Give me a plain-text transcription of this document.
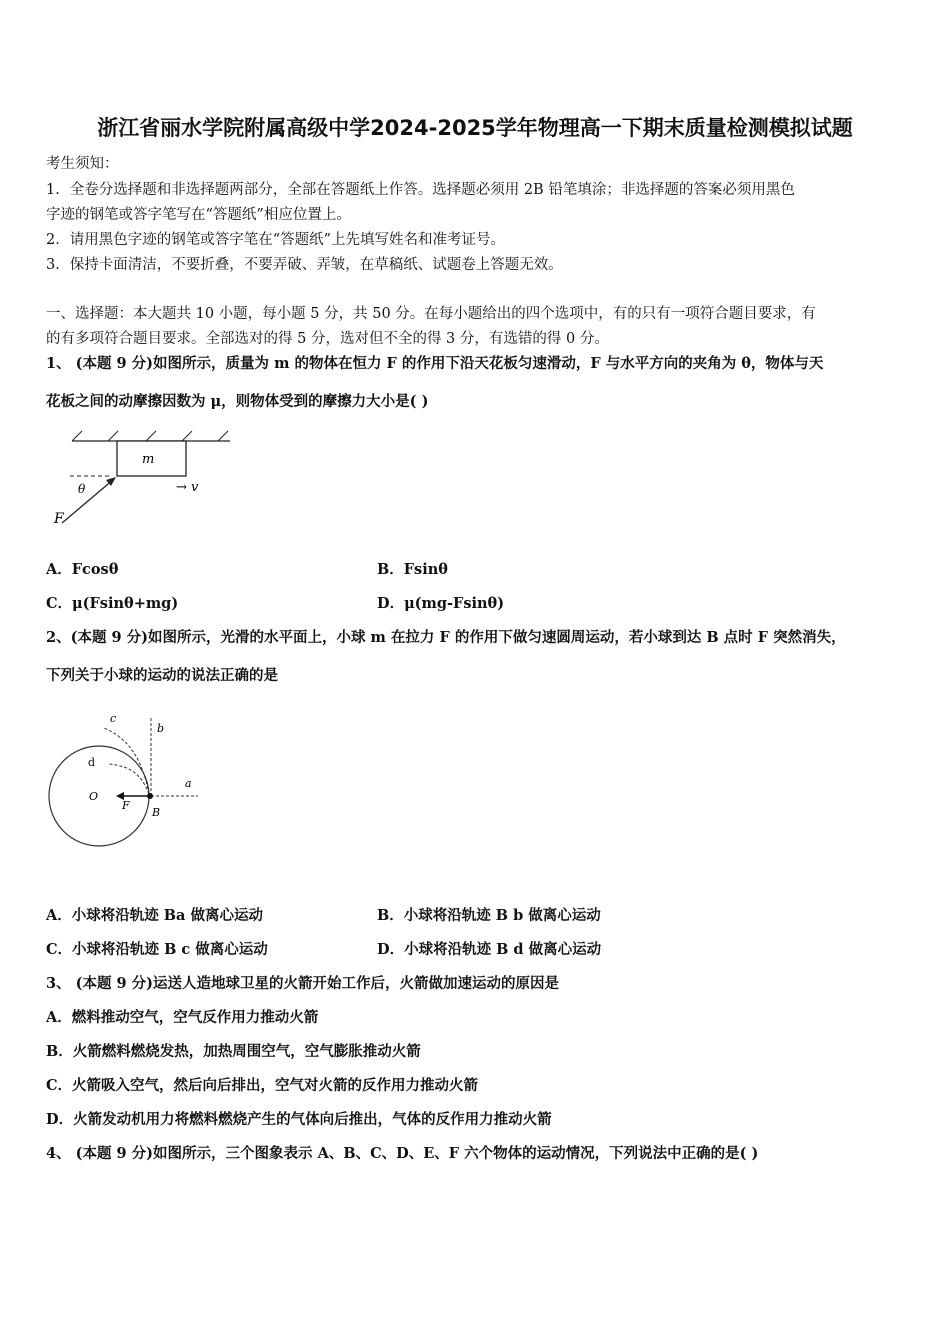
浙江省丽水学院附属高级中学2024-2025学年物理高一下期末质量检测模拟试题
考生须知：
1．全卷分选择题和非选择题两部分，全部在答题纸上作答。选择题必须用 2B 铅笔填涂；非选择题的答案必须用黑色
字迹的钢笔或答字笔写在“答题纸”相应位置上。
2．请用黑色字迹的钢笔或答字笔在“答题纸”上先填写姓名和准考证号。
3．保持卡面清洁，不要折叠，不要弄破、弄皱，在草稿纸、试题卷上答题无效。
一、选择题：本大题共 10 小题，每小题 5 分，共 50 分。在每小题给出的四个选项中，有的只有一项符合题目要求，有
的有多项符合题目要求。全部选对的得 5 分，选对但不全的得 3 分，有选错的得 0 分。
1、 (本题 9 分)如图所示，质量为 m 的物体在恒力 F 的作用下沿天花板匀速滑动，F 与水平方向的夹角为 θ，物体与天
花板之间的动摩擦因数为 μ，则物体受到的摩擦力大小是( )
m
θ
F
→ v
A．Fcosθ	B．Fsinθ
C．μ(Fsinθ+mg)	D．μ(mg-Fsinθ)
2、(本题 9 分)如图所示，光滑的水平面上，小球 m 在拉力 F 的作用下做匀速圆周运动，若小球到达 B 点时 F 突然消失，
下列关于小球的运动的说法正确的是
c
b
d
a
O
F
B
A．小球将沿轨迹 Ba 做离心运动	B．小球将沿轨迹 B b 做离心运动
C．小球将沿轨迹 B c 做离心运动	D．小球将沿轨迹 B d 做离心运动
3、 (本题 9 分)运送人造地球卫星的火箭开始工作后，火箭做加速运动的原因是
A．燃料推动空气，空气反作用力推动火箭
B．火箭燃料燃烧发热，加热周围空气，空气膨胀推动火箭
C．火箭吸入空气，然后向后排出，空气对火箭的反作用力推动火箭
D．火箭发动机用力将燃料燃烧产生的气体向后推出，气体的反作用力推动火箭
4、 (本题 9 分)如图所示，三个图象表示 A、B、C、D、E、F 六个物体的运动情况，下列说法中正确的是( )
